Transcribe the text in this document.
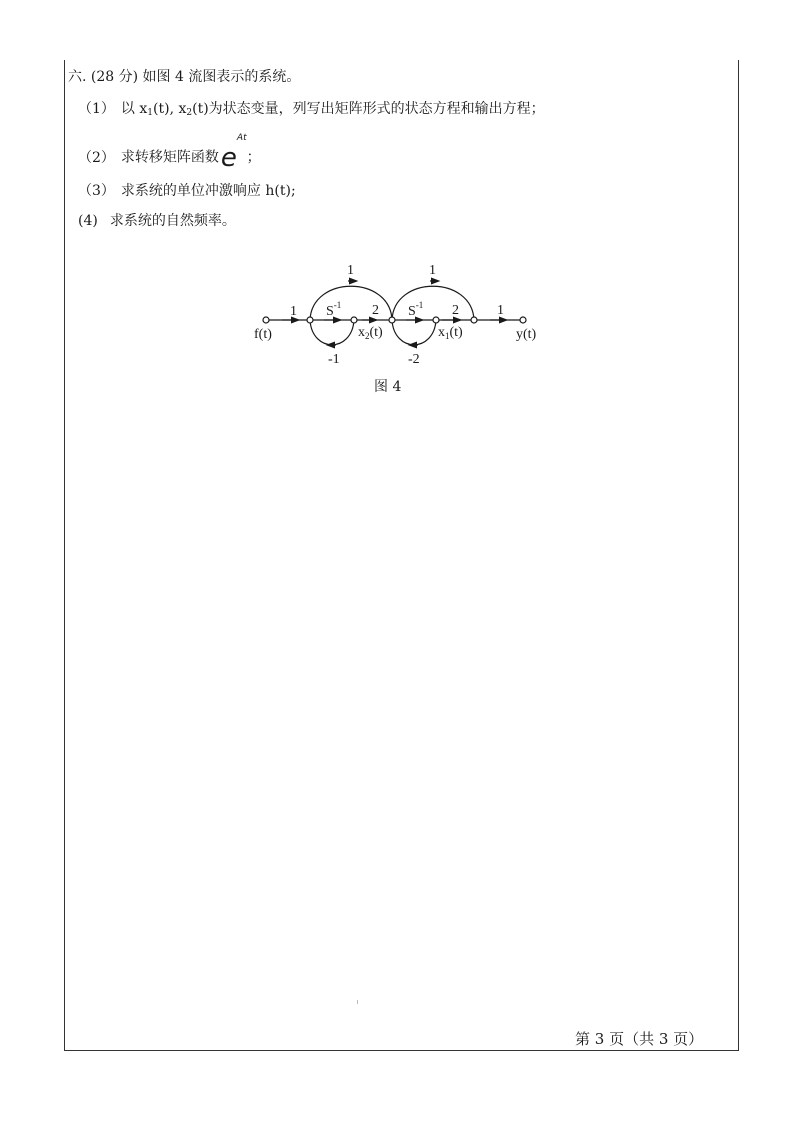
六. (28 分) 如图 4 流图表示的系统。
（1） 以 $x_1(t)$, $x_2(t)$为状态变量，列写出矩阵形式的状态方程和输出方程；
（2） 求转移矩阵函数$e^{At}$；
（3） 求系统的单位冲激响应 h(t);
(4) 求系统的自然频率。
f(t)	y(t)
1
1	1
$S^{-1}$	$S^{-1}$
2	2	1
-1	-2
$x_2(t)$	$x_1(t)$
图 4
第 3 页（共 3 页）
